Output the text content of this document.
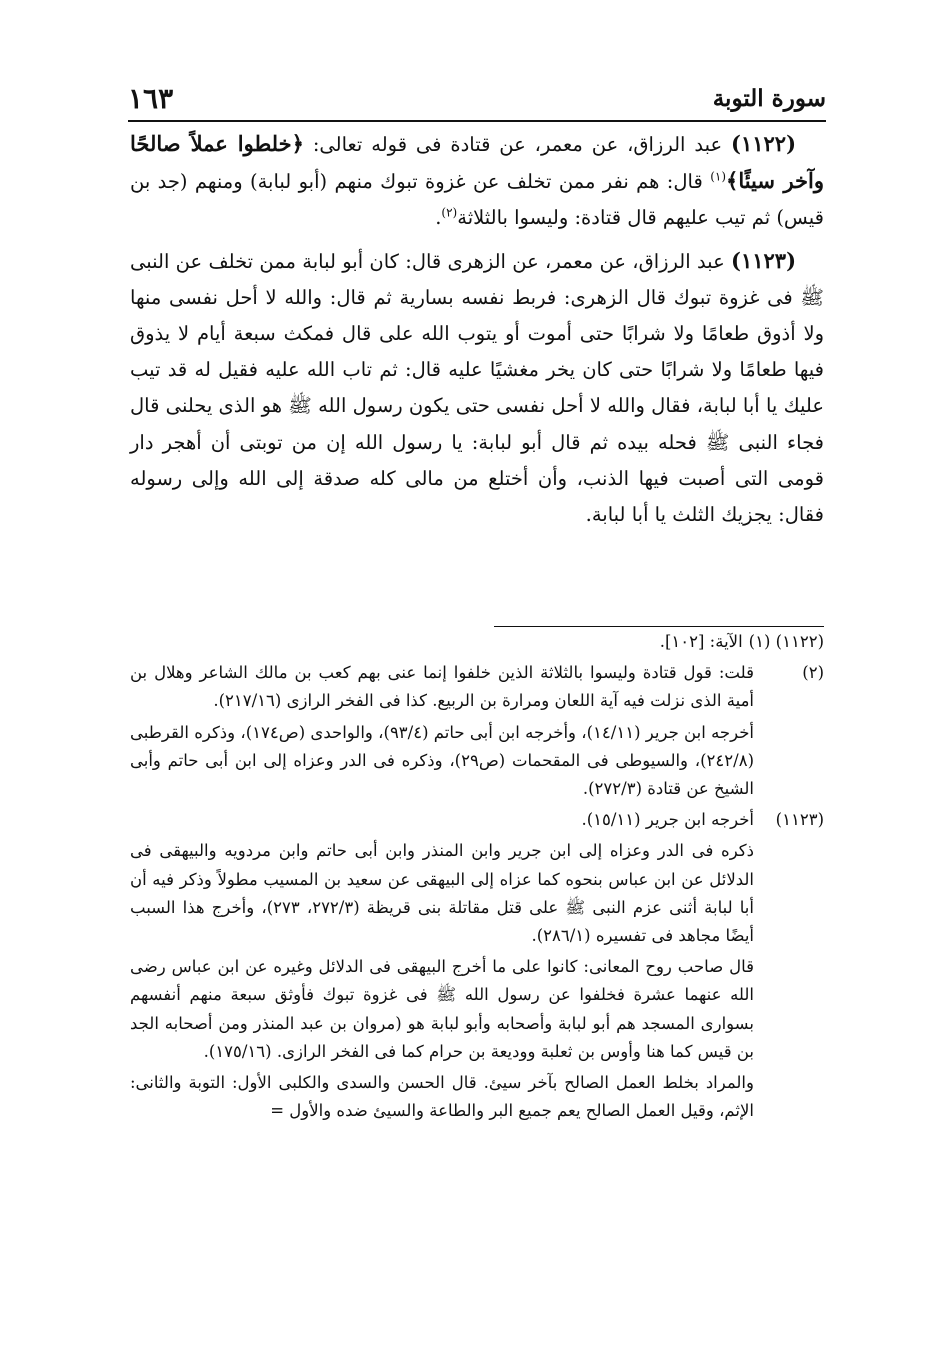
سورة التوبة
١٦٣

(١١٢٢) عبد الرزاق، عن معمر، عن قتادة فى قوله تعالى: ﴿خلطوا عملاً صالحًا وآخر سيئًا﴾$^{(١)}$ قال: هم نفر ممن تخلف عن غزوة تبوك منهم (أبو لبابة) ومنهم (جد بن قيس) ثم تيب عليهم قال قتادة: وليسوا بالثلاثة$^{(٢)}$.

(١١٢٣) عبد الرزاق، عن معمر، عن الزهرى قال: كان أبو لبابة ممن تخلف عن النبى ﷺ فى غزوة تبوك قال الزهرى: فربط نفسه بسارية ثم قال: والله لا أحل نفسى منها ولا أذوق طعامًا ولا شرابًا حتى أموت أو يتوب الله على قال فمكث سبعة أيام لا يذوق فيها طعامًا ولا شرابًا حتى كان يخر مغشيًا عليه قال: ثم تاب الله عليه فقيل له قد تيب عليك يا أبا لبابة، فقال والله لا أحل نفسى حتى يكون رسول الله ﷺ هو الذى يحلنى قال فجاء النبى ﷺ فحله بيده ثم قال أبو لبابة: يا رسول الله إن من توبتى أن أهجر دار قومى التى أصبت فيها الذنب، وأن أختلع من مالى كله صدقة إلى الله وإلى رسوله فقال: يجزيك الثلث يا أبا لبابة.

(١١٢٢) (١)
الآية: [١٠٢].
(٢)
قلت: قول قتادة وليسوا بالثلاثة الذين خلفوا إنما عنى بهم كعب بن مالك الشاعر وهلال بن أمية الذى نزلت فيه آية اللعان ومرارة بن الربيع. كذا فى الفخر الرازى (٢١٧/١٦).
أخرجه ابن جرير (١٤/١١)، وأخرجه ابن أبى حاتم (٩٣/٤)، والواحدى (ص١٧٤)، وذكره القرطبى (٢٤٢/٨)، والسيوطى فى المقحمات (ص٢٩)، وذكره فى الدر وعزاه إلى ابن أبى حاتم وأبى الشيخ عن قتادة (٢٧٢/٣).
(١١٢٣)
أخرجه ابن جرير (١٥/١١).
ذكره فى الدر وعزاه إلى ابن جرير وابن المنذر وابن أبى حاتم وابن مردويه والبيهقى فى الدلائل عن ابن عباس بنحوه كما عزاه إلى البيهقى عن سعيد بن المسيب مطولاً وذكر فيه أن أبا لبابة أثنى عزم النبى ﷺ على قتل مقاتلة بنى قريظة (٢٧٢/٣، ٢٧٣)، وأخرج هذا السبب أيضًا مجاهد فى تفسيره (٢٨٦/١).
قال صاحب روح المعانى: كانوا على ما أخرج البيهقى فى الدلائل وغيره عن ابن عباس رضى الله عنهما عشرة فخلفوا عن رسول الله ﷺ فى غزوة تبوك فأوثق سبعة منهم أنفسهم بسوارى المسجد هم أبو لبابة وأصحابه وأبو لبابة هو (مروان بن عبد المنذر ومن أصحابه الجد بن قيس كما هنا وأوس بن ثعلبة ووديعة بن حرام كما فى الفخر الرازى. (١٧٥/١٦).
والمراد بخلط العمل الصالح بآخر سيئ. قال الحسن والسدى والكلبى الأول: التوبة والثانى: الإثم، وقيل العمل الصالح يعم جميع البر والطاعة والسيئ ضده والأول =
